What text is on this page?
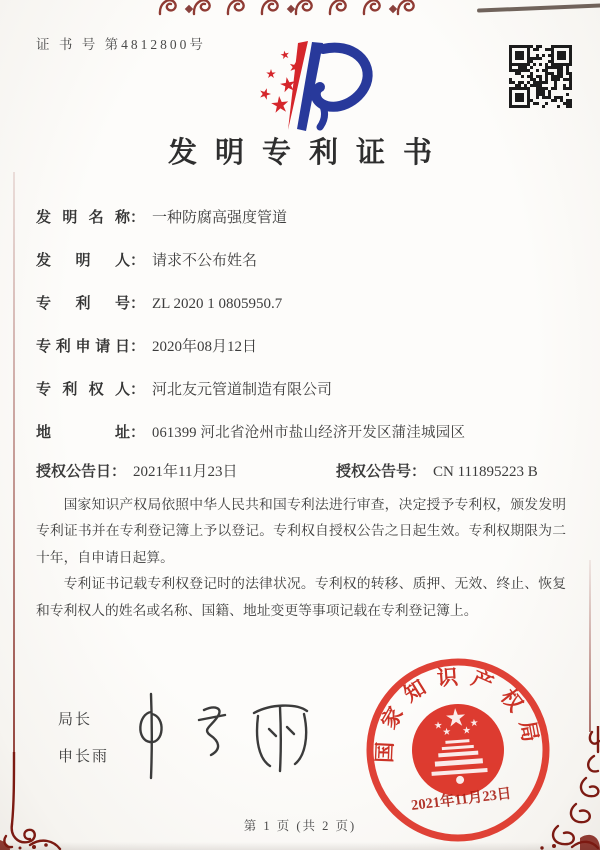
证 书 号 第4812800号
发明专利证书
发明名称： 一种防腐高强度管道
发明人： 请求不公布姓名
专利号： ZL 2020 1 0805950.7
专利申请日： 2020年08月12日
专利权人： 河北友元管道制造有限公司
地址： 061399 河北省沧州市盐山经济开发区蒲洼城园区
授权公告日： 2021年11月23日	授权公告号： CN 111895223 B

国家知识产权局依照中华人民共和国专利法进行审查，决定授予专利权，颁发发明专利证书并在专利登记簿上予以登记。专利权自授权公告之日起生效。专利权期限为二十年，自申请日起算。

专利证书记载专利权登记时的法律状况。专利权的转移、质押、无效、终止、恢复和专利权人的姓名或名称、国籍、地址变更等事项记载在专利登记簿上。

局长
申长雨	国家知识产权局
2021年11月23日
第 1 页 (共 2 页)
